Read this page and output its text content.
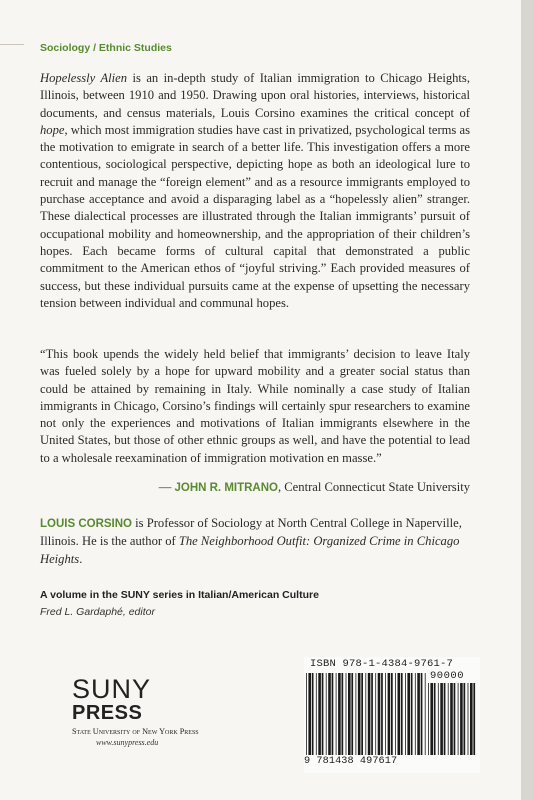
Sociology / Ethnic Studies

Hopelessly Alien is an in-depth study of Italian immigration to Chicago Heights, Illinois, between 1910 and 1950. Drawing upon oral histories, interviews, historical documents, and census materials, Louis Corsino examines the critical concept of hope, which most immigration studies have cast in privatized, psychological terms as the motivation to emigrate in search of a better life. This investigation offers a more contentious, sociological perspective, depicting hope as both an ideological lure to recruit and manage the “foreign element” and as a resource immigrants employed to purchase acceptance and avoid a disparaging label as a “hopelessly alien” stranger. These dialectical processes are illustrated through the Italian immigrants’ pursuit of occupational mobility and homeownership, and the appropriation of their children’s hopes. Each became forms of cultural capital that demonstrated a public commitment to the American ethos of “joyful striving.” Each provided measures of success, but these individual pursuits came at the expense of upsetting the necessary tension between individual and communal hopes.

“This book upends the widely held belief that immigrants’ decision to leave Italy was fueled solely by a hope for upward mobility and a greater social status than could be attained by remaining in Italy. While nominally a case study of Italian immigrants in Chicago, Corsino’s findings will certainly spur researchers to examine not only the experiences and motivations of Italian immigrants elsewhere in the United States, but those of other ethnic groups as well, and have the potential to lead to a wholesale reexamination of immigration motivation en masse.”

— JOHN R. MITRANO, Central Connecticut State University

LOUIS CORSINO is Professor of Sociology at North Central College in Naperville, Illinois. He is the author of The Neighborhood Outfit: Organized Crime in Chicago Heights.

A volume in the SUNY series in Italian/American Culture
Fred L. Gardaphé, editor
SUNY
PRESS
State University of New York Press
www.sunypress.edu
ISBN 978-1-4384-9761-7
90000
9 781438 497617
